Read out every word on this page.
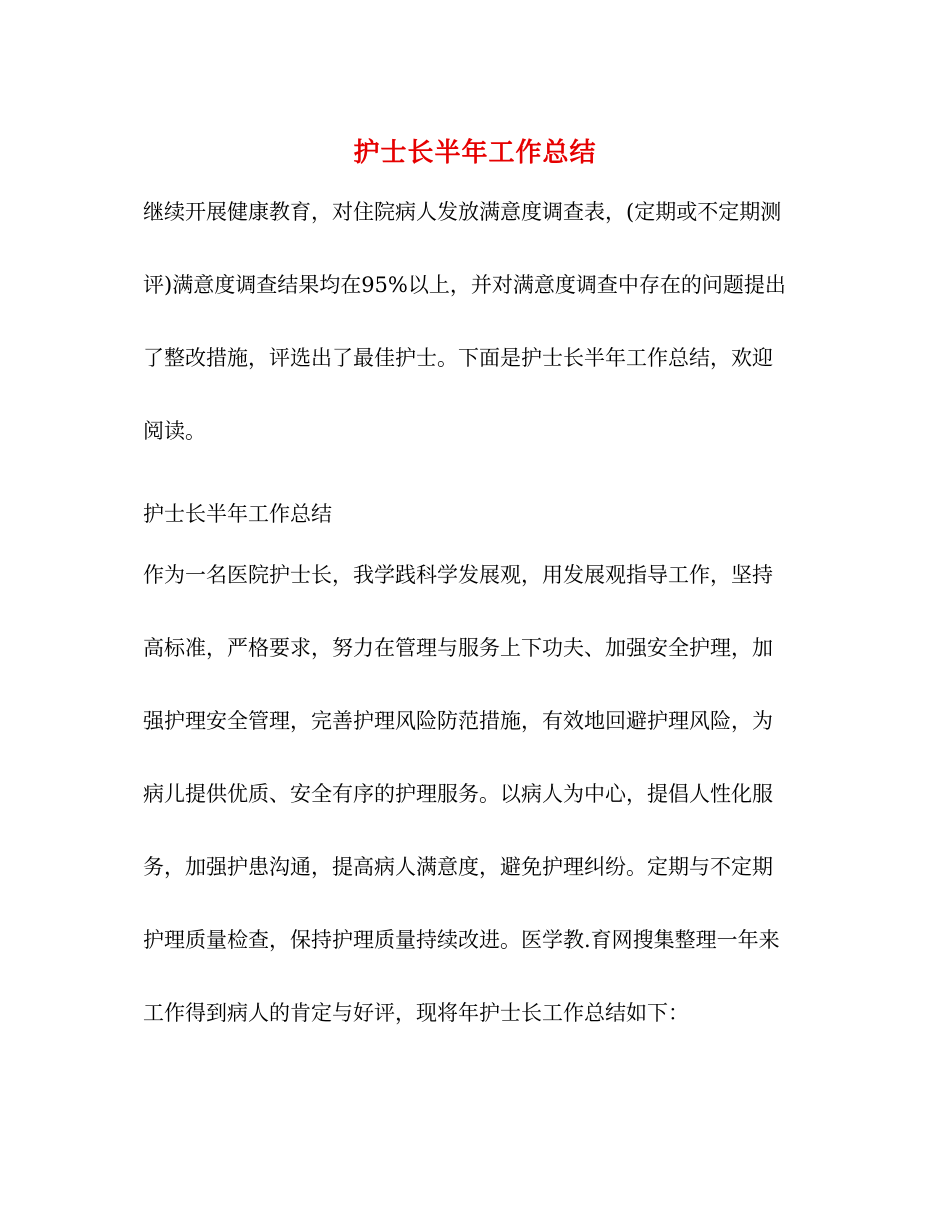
护士长半年工作总结
继续开展健康教育，对住院病人发放满意度调查表，(定期或不定期测
评)满意度调查结果均在95%以上，并对满意度调查中存在的问题提出
了整改措施，评选出了最佳护士。下面是护士长半年工作总结，欢迎
阅读。

护士长半年工作总结

作为一名医院护士长，我学践科学发展观，用发展观指导工作，坚持
高标准，严格要求，努力在管理与服务上下功夫、加强安全护理，加
强护理安全管理，完善护理风险防范措施，有效地回避护理风险，为
病儿提供优质、安全有序的护理服务。以病人为中心，提倡人性化服
务，加强护患沟通，提高病人满意度，避免护理纠纷。定期与不定期
护理质量检查，保持护理质量持续改进。医学教.育网搜集整理一年来
工作得到病人的肯定与好评，现将年护士长工作总结如下：
